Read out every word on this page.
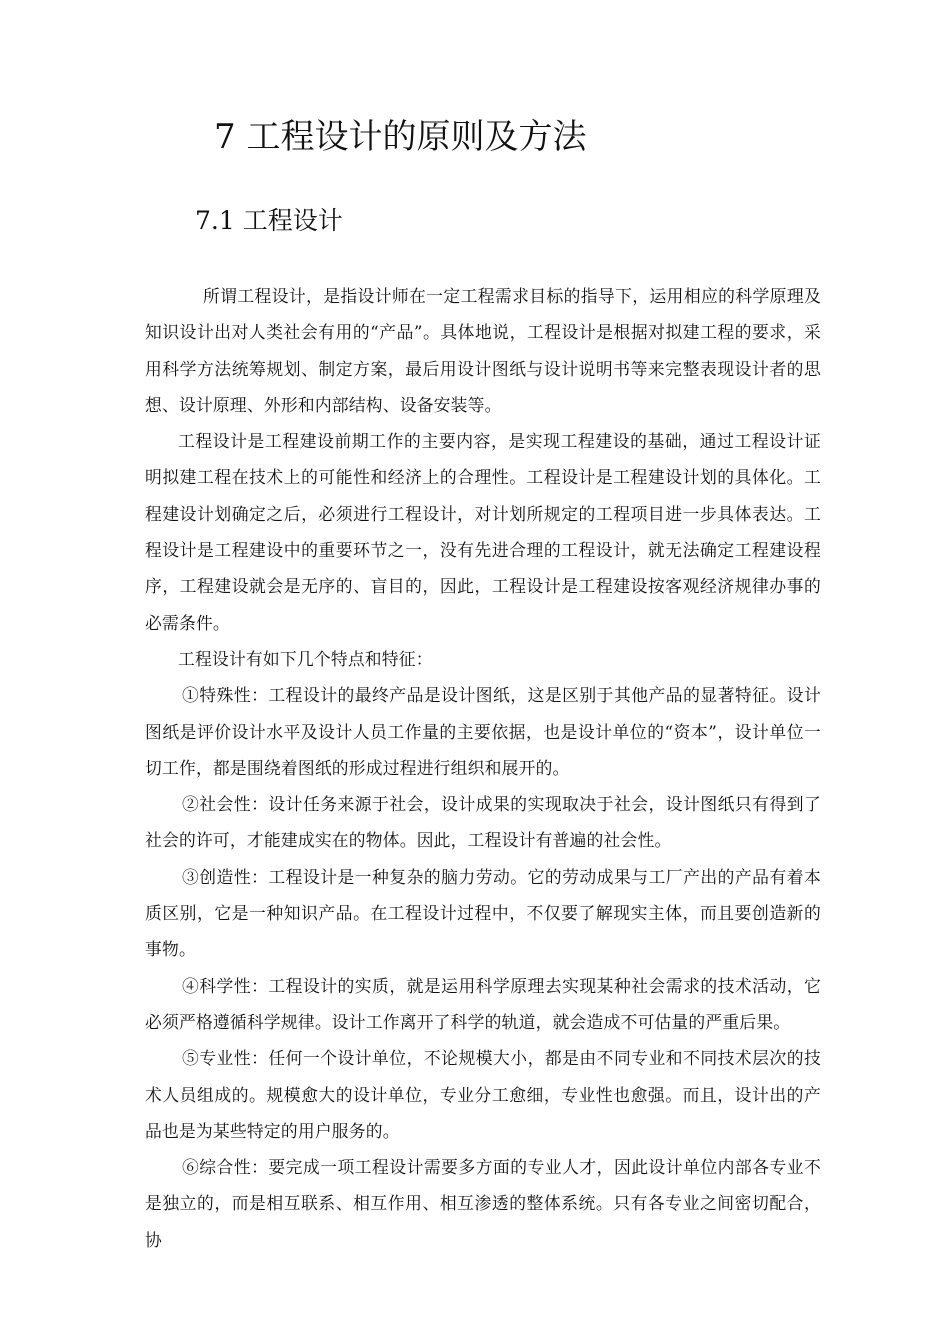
7 工程设计的原则及方法
7.1 工程设计

所谓工程设计，是指设计师在一定工程需求目标的指导下，运用相应的科学原理及知识设计出对人类社会有用的“产品”。具体地说，工程设计是根据对拟建工程的要求，采用科学方法统筹规划、制定方案，最后用设计图纸与设计说明书等来完整表现设计者的思想、设计原理、外形和内部结构、设备安装等。

工程设计是工程建设前期工作的主要内容，是实现工程建设的基础，通过工程设计证明拟建工程在技术上的可能性和经济上的合理性。工程设计是工程建设计划的具体化。工程建设计划确定之后，必须进行工程设计，对计划所规定的工程项目进一步具体表达。工程设计是工程建设中的重要环节之一，没有先进合理的工程设计，就无法确定工程建设程序，工程建设就会是无序的、盲目的，因此，工程设计是工程建设按客观经济规律办事的必需条件。

工程设计有如下几个特点和特征：

①特殊性：工程设计的最终产品是设计图纸，这是区别于其他产品的显著特征。设计图纸是评价设计水平及设计人员工作量的主要依据，也是设计单位的“资本”，设计单位一切工作，都是围绕着图纸的形成过程进行组织和展开的。

②社会性：设计任务来源于社会，设计成果的实现取决于社会，设计图纸只有得到了社会的许可，才能建成实在的物体。因此，工程设计有普遍的社会性。

③创造性：工程设计是一种复杂的脑力劳动。它的劳动成果与工厂产出的产品有着本质区别，它是一种知识产品。在工程设计过程中，不仅要了解现实主体，而且要创造新的事物。

④科学性：工程设计的实质，就是运用科学原理去实现某种社会需求的技术活动，它必须严格遵循科学规律。设计工作离开了科学的轨道，就会造成不可估量的严重后果。

⑤专业性：任何一个设计单位，不论规模大小，都是由不同专业和不同技术层次的技术人员组成的。规模愈大的设计单位，专业分工愈细，专业性也愈强。而且，设计出的产品也是为某些特定的用户服务的。

⑥综合性：要完成一项工程设计需要多方面的专业人才，因此设计单位内部各专业不是独立的，而是相互联系、相互作用、相互渗透的整体系统。只有各专业之间密切配合，协
